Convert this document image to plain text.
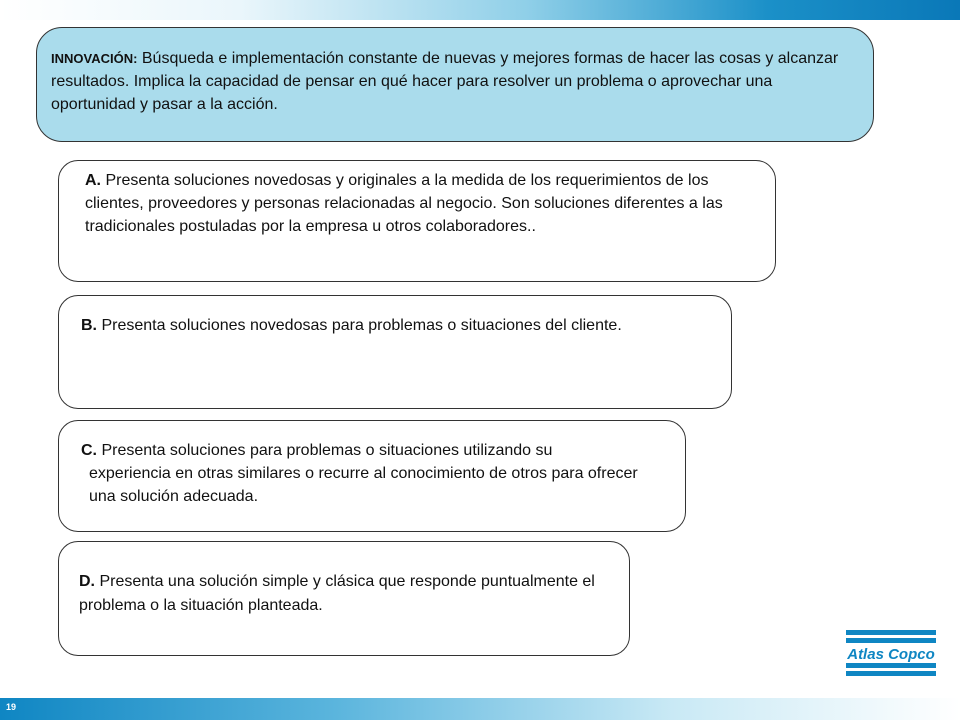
INNOVACIÓN: Búsqueda e implementación constante de nuevas y mejores formas de hacer las cosas y alcanzar resultados. Implica la capacidad de pensar en qué hacer para resolver un problema o aprovechar una oportunidad y pasar a la acción.
A. Presenta soluciones novedosas y originales a la medida de los requerimientos de los clientes, proveedores y personas relacionadas al negocio. Son soluciones diferentes a las tradicionales postuladas por la empresa u otros colaboradores..
B. Presenta soluciones novedosas para problemas o situaciones del cliente.
C. Presenta soluciones para problemas o situaciones utilizando su
experiencia en otras similares o recurre al conocimiento de otros para ofrecer una solución adecuada.
D. Presenta una solución simple y clásica que responde puntualmente el problema o la situación planteada.
Atlas Copco
19
